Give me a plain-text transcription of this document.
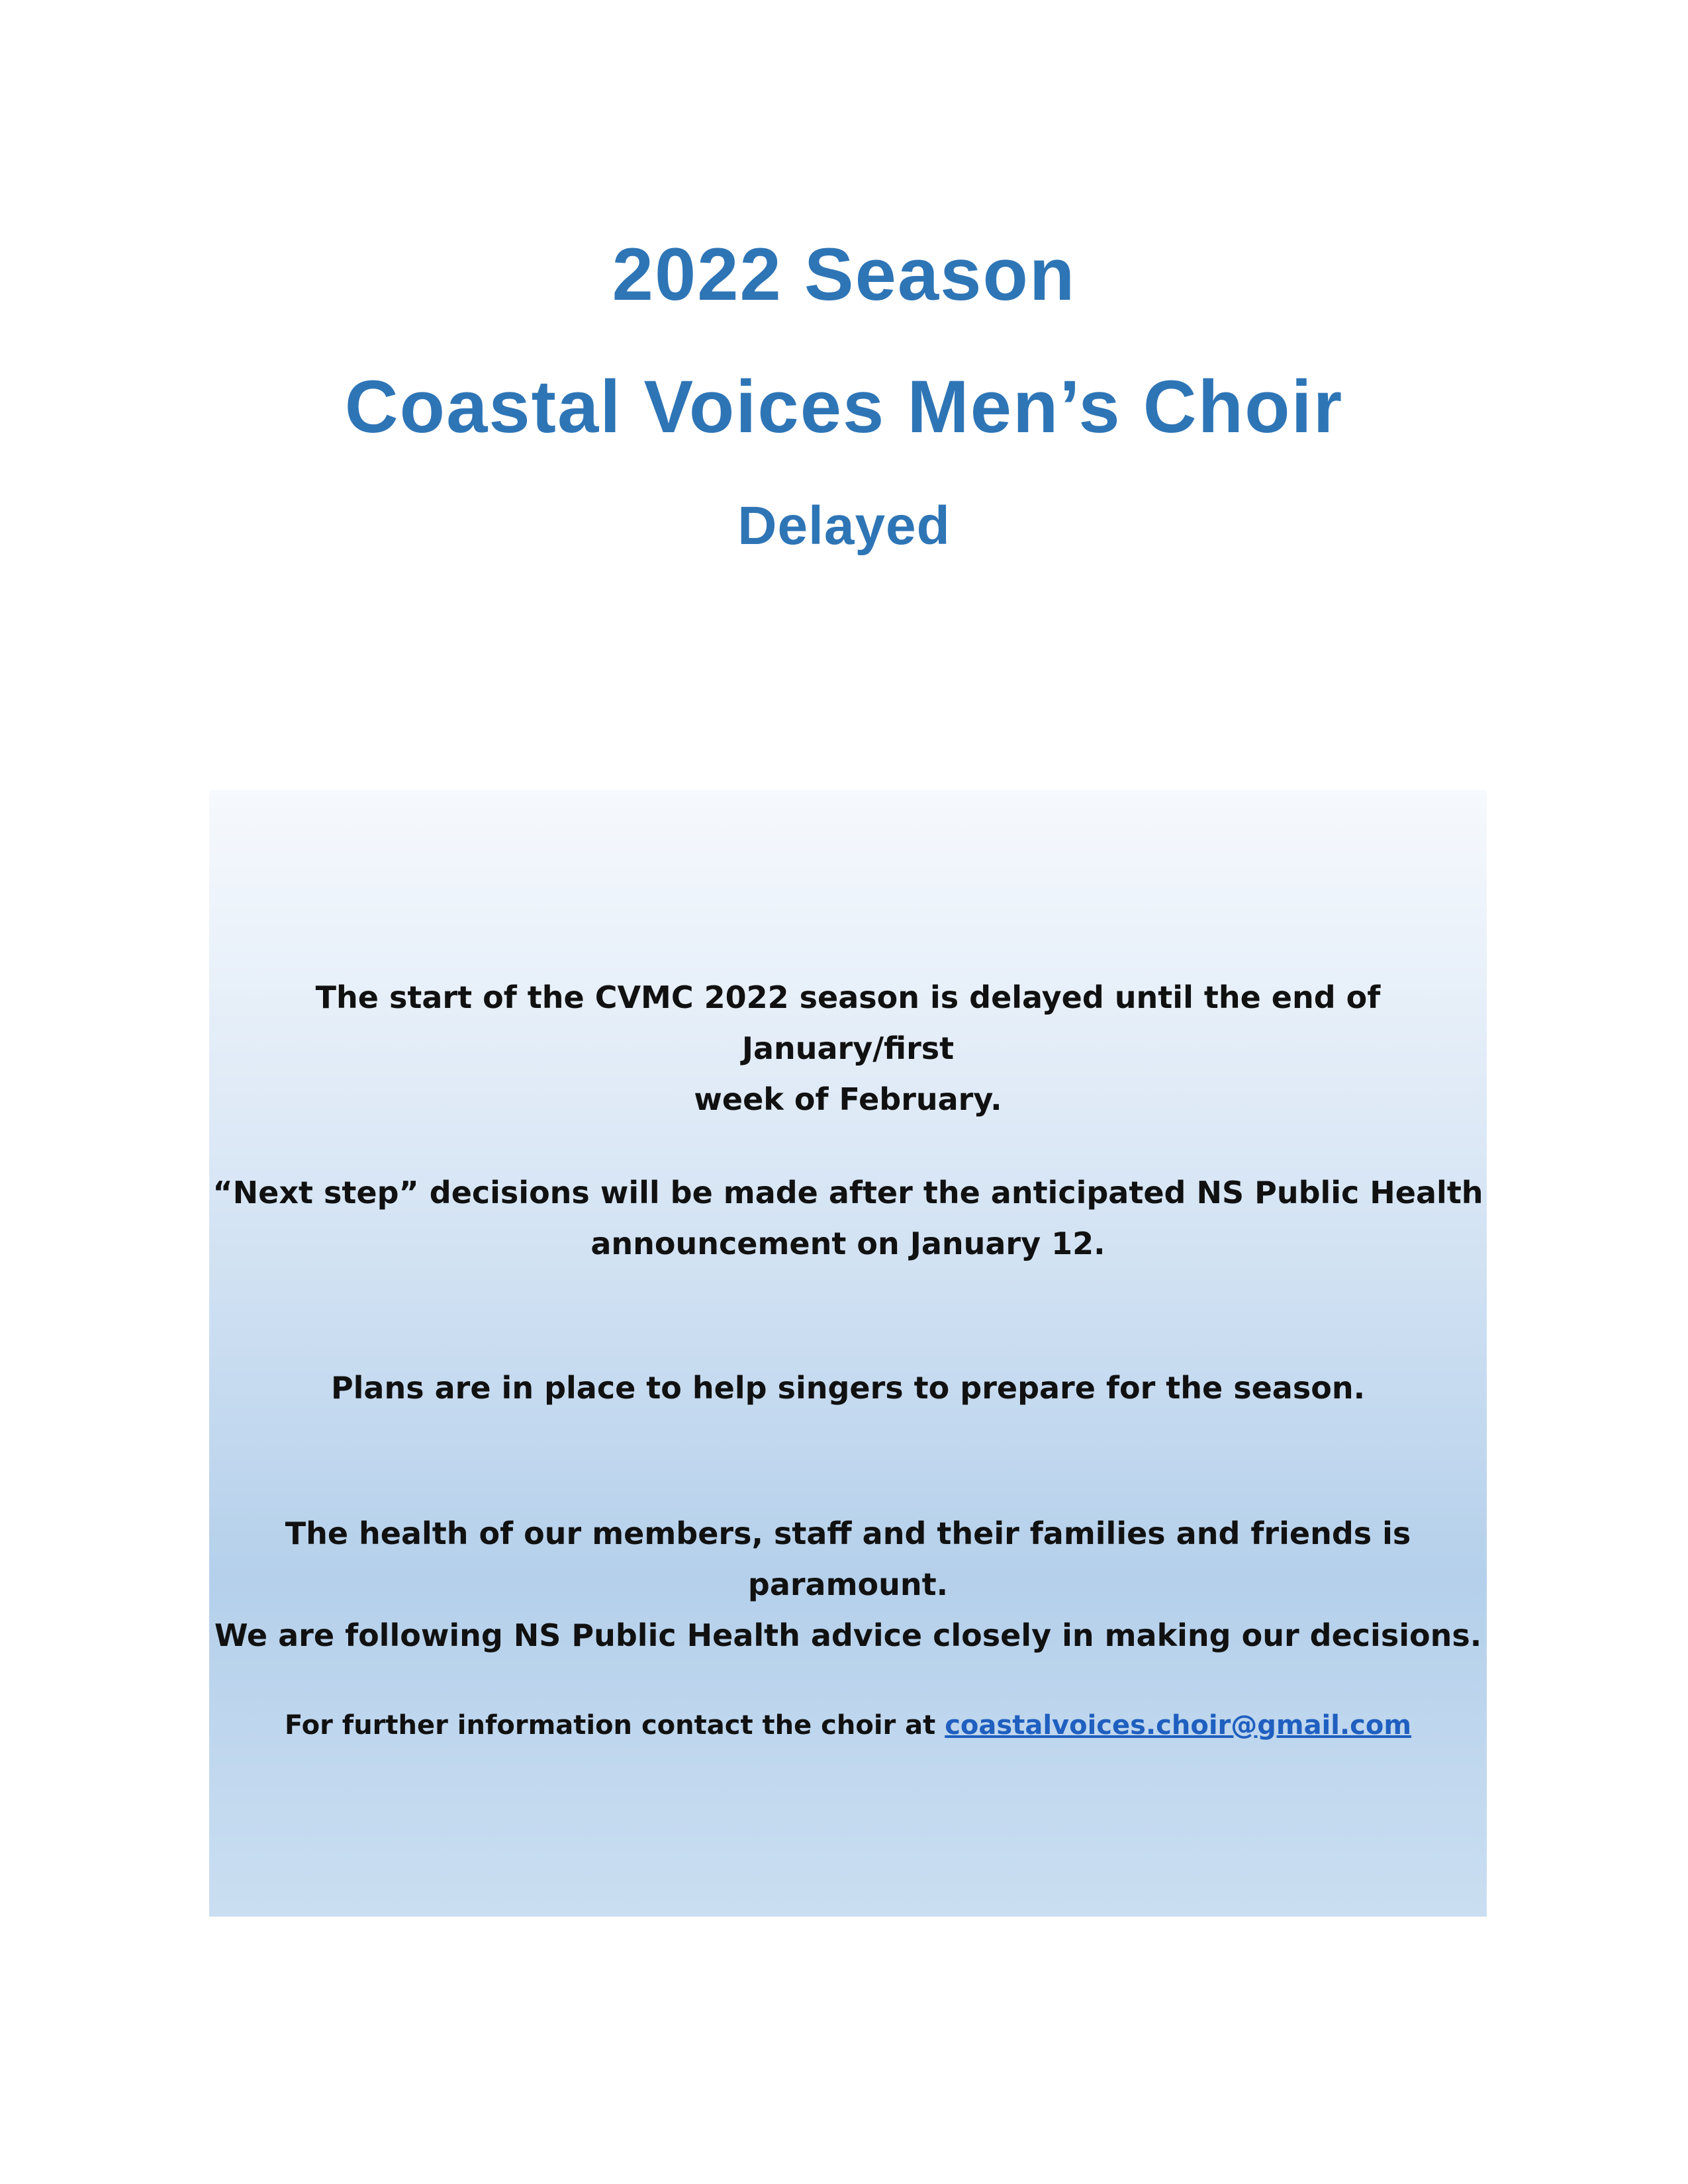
2022 Season
Coastal Voices Men’s Choir
Delayed

The start of the CVMC 2022 season is delayed until the end of January/first
week of February.

“Next step” decisions will be made after the anticipated NS Public Health
announcement on January 12.

Plans are in place to help singers to prepare for the season.

The health of our members, staff and their families and friends is paramount.
We are following NS Public Health advice closely in making our decisions.

For further information contact the choir at coastalvoices.choir@gmail.com
